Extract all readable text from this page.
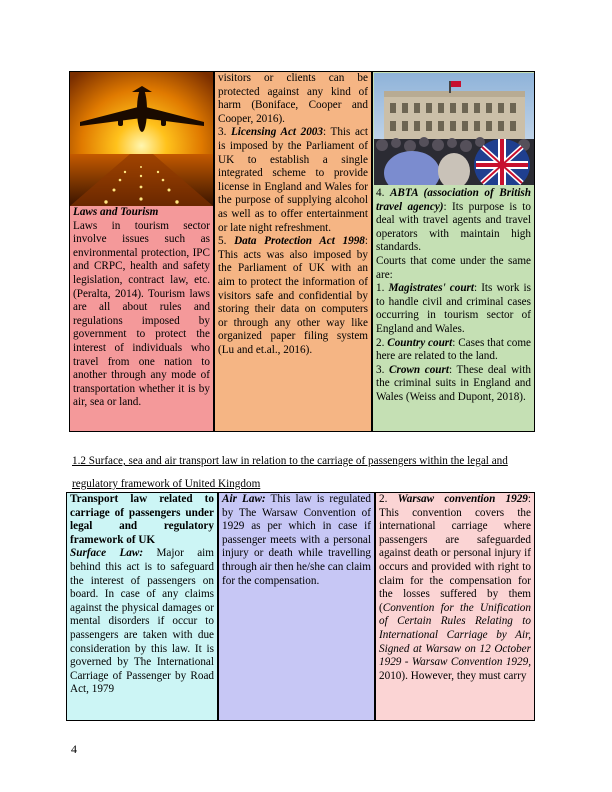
Laws and Tourism

Laws in tourism sector involve issues such as environmental protection, IPC and CRPC, health and safety legislation, contract law, etc. (Peralta, 2014). Tourism laws are all about rules and regulations imposed by government to protect the interest of individuals who travel from one nation to another through any mode of transportation whether it is by air, sea or land.

visitors or clients can be protected against any kind of harm (Boniface, Cooper and Cooper, 2016).

3. Licensing Act 2003: This act is imposed by the Parliament of UK to establish a single integrated scheme to provide license in England and Wales for the purpose of supplying alcohol as well as to offer entertainment or late night refreshment.

5. Data Protection Act 1998: This acts was also imposed by the Parliament of UK with an aim to protect the information of visitors safe and confidential by storing their data on computers or through any other way like organized paper filing system (Lu and et.al., 2016).

4. ABTA (association of British travel agency): Its purpose is to deal with travel agents and travel operators with maintain high standards.

Courts that come under the same are:

1. Magistrates' court: Its work is to handle civil and criminal cases occurring in tourism sector of England and Wales.

2. Country court: Cases that come here are related to the land.

3. Crown court: These deal with the criminal suits in England and Wales (Weiss and Dupont, 2018).

1.2 Surface, sea and air transport law in relation to the carriage of passengers within the legal and regulatory framework of United Kingdom

Transport law related to carriage of passengers under legal and regulatory framework of UK

Surface Law: Major aim behind this act is to safeguard the interest of passengers on board. In case of any claims against the physical damages or mental disorders if occur to passengers are taken with due consideration by this law. It is governed by The International Carriage of Passenger by Road Act, 1979

Air Law: This law is regulated by The Warsaw Convention of 1929 as per which in case if passenger meets with a personal injury or death while travelling through air then he/she can claim for the compensation.

2. Warsaw convention 1929: This convention covers the international carriage where passengers are safeguarded against death or personal injury if occurs and provided with right to claim for the compensation for the losses suffered by them (Convention for the Unification of Certain Rules Relating to International Carriage by Air, Signed at Warsaw on 12 October 1929 - Warsaw Convention 1929, 2010). However, they must carry

4
